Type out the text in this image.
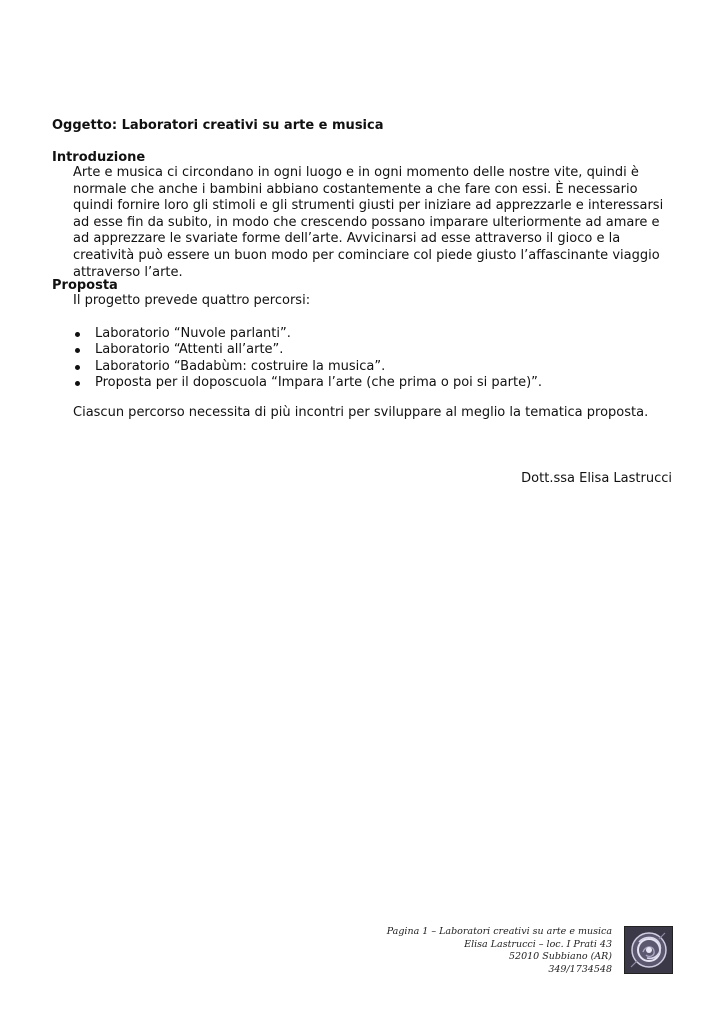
Oggetto: Laboratori creativi su arte e musica
Introduzione

Arte e musica ci circondano in ogni luogo e in ogni momento delle nostre vite, quindi è normale che anche i bambini abbiano costantemente a che fare con essi. È necessario quindi fornire loro gli stimoli e gli strumenti giusti per iniziare ad apprezzarle e interessarsi ad esse fin da subito, in modo che crescendo possano imparare ulteriormente ad amare e ad apprezzare le svariate forme dell’arte. Avvicinarsi ad esse attraverso il gioco e la creatività può essere un buon modo per cominciare col piede giusto l’affascinante viaggio attraverso l’arte.

Proposta
Il progetto prevede quattro percorsi:
Laboratorio “Nuvole parlanti”.
Laboratorio “Attenti all’arte”.
Laboratorio “Badabùm: costruire la musica”.
Proposta per il doposcuola “Impara l’arte (che prima o poi si parte)”.
Ciascun percorso necessita di più incontri per sviluppare al meglio la tematica proposta.
Dott.ssa Elisa Lastrucci
Pagina 1 – Laboratori creativi su arte e musica
Elisa Lastrucci – loc. I Prati 43
52010 Subbiano (AR)
349/1734548
